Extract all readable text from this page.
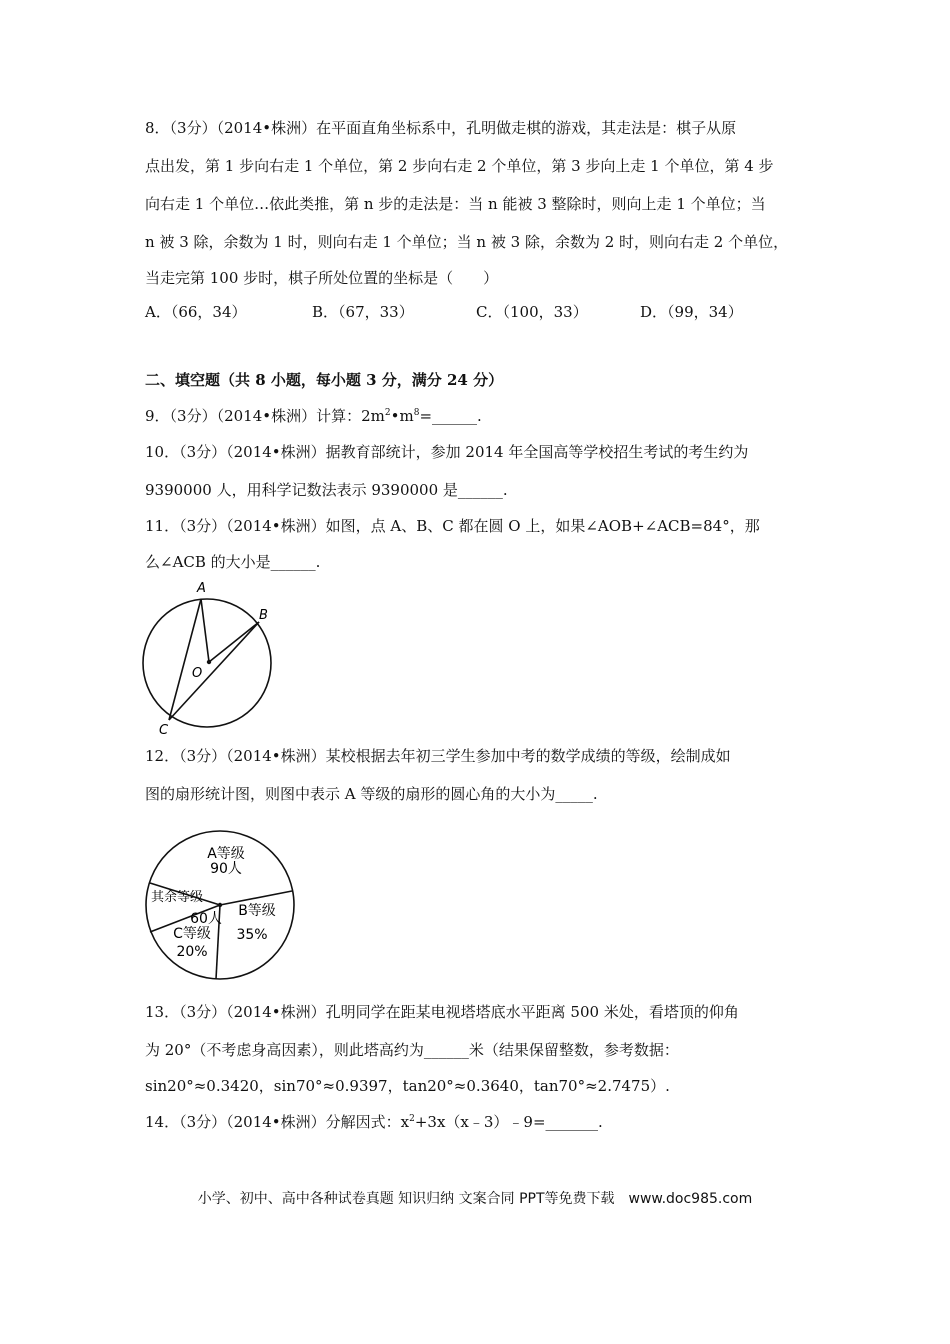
8．（3分）（2014•株洲）在平面直角坐标系中，孔明做走棋的游戏，其走法是：棋子从原
点出发，第 1 步向右走 1 个单位，第 2 步向右走 2 个单位，第 3 步向上走 1 个单位，第 4 步
向右走 1 个单位…依此类推，第 n 步的走法是：当 n 能被 3 整除时，则向上走 1 个单位；当
n 被 3 除，余数为 1 时，则向右走 1 个单位；当 n 被 3 除，余数为 2 时，则向右走 2 个单位，
当走完第 100 步时，棋子所处位置的坐标是（　　）
A．（66，34）	B．（67，33）	C．（100，33）	D．（99，34）
二、填空题（共 8 小题，每小题 3 分，满分 24 分）
9．（3分）（2014•株洲）计算：$2m^2•m^8=\_\_\_\_\_\_$.
10．（3分）（2014•株洲）据教育部统计，参加 2014 年全国高等学校招生考试的考生约为
9390000 人，用科学记数法表示 9390000 是______.
11．（3分）（2014•株洲）如图，点 A、B、C 都在圆 O 上，如果∠AOB+∠ACB=84°，那
么∠ACB 的大小是______.
A
B
C
O
12．（3分）（2014•株洲）某校根据去年初三学生参加中考的数学成绩的等级，绘制成如
图的扇形统计图，则图中表示 A 等级的扇形的圆心角的大小为_____.
A等级
90人
B等级
35%
其余等级
60人
C等级
20%
13．（3分）（2014•株洲）孔明同学在距某电视塔塔底水平距离 500 米处，看塔顶的仰角
为 20°（不考虑身高因素），则此塔高约为______米（结果保留整数，参考数据：
sin20°≈0.3420，sin70°≈0.9397，tan20°≈0.3640，tan70°≈2.7475）.
14．（3分）（2014•株洲）分解因式：$x^2+3x(x﹣3)﹣9=\_\_\_\_\_\_\_$.
小学、初中、高中各种试卷真题 知识归纳 文案合同 PPT等免费下载　www.doc985.com
